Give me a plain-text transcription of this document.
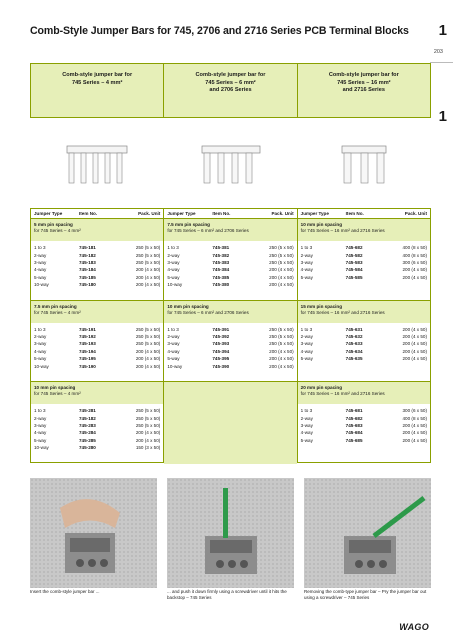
Comb-Style Jumper Bars for 745, 2706 and 2716 Series PCB Terminal Blocks 1
203
1
Comb-style jumper bar for
745 Series – 4 mm²
Comb-style jumper bar for
745 Series – 6 mm²
and 2706 Series
Comb-style jumper bar for
745 Series – 16 mm²
and 2716 Series
Jumper Type	Item No.	Pack. Unit
5 mm pin spacing
for 745 Series – 4 mm²
1 to 3	745-181	250 (5 x 50)
2-way	745-182	250 (5 x 50)
3-way	745-183	250 (5 x 50)
4-way	745-184	200 (4 x 50)
5-way	745-185	200 (4 x 50)
10-way	745-180	200 (4 x 50)
7.5 mm pin spacing
for 745 Series – 4 mm²
1 to 3	745-191	250 (5 x 50)
2-way	745-192	250 (5 x 50)
3-way	745-193	250 (5 x 50)
4-way	745-194	200 (4 x 50)
5-way	745-195	200 (4 x 50)
10-way	745-190	200 (4 x 50)
10 mm pin spacing
for 745 Series – 4 mm²
1 to 3	745-281	250 (5 x 50)
2-way	745-182	250 (5 x 50)
3-way	745-283	250 (5 x 50)
4-way	745-284	200 (4 x 50)
5-way	745-285	200 (4 x 50)
10-way	745-280	150 (3 x 50)
Jumper Type	Item No.	Pack. Unit
7.5 mm pin spacing
for 745 Series – 6 mm² and 2706 Series
1 to 3	745-381	250 (5 x 50)
2-way	745-382	250 (5 x 50)
3-way	745-383	250 (5 x 50)
4-way	745-384	200 (4 x 50)
5-way	745-385	200 (4 x 50)
10-way	745-380	200 (4 x 50)
10 mm pin spacing
for 745 Series – 6 mm² and 2706 Series
1 to 3	745-391	250 (5 x 50)
2-way	745-392	250 (5 x 50)
3-way	745-393	250 (5 x 50)
4-way	745-394	200 (4 x 50)
5-way	745-395	200 (4 x 50)
10-way	745-390	200 (4 x 50)
Jumper Type	Item No.	Pack. Unit
10 mm pin spacing
for 745 Series – 16 mm² and 2716 Series
1 to 3	745-682	400 (8 x 50)
2-way	745-582	400 (8 x 50)
3-way	745-583	300 (6 x 50)
4-way	745-584	200 (4 x 50)
5-way	745-585	200 (4 x 50)
15 mm pin spacing
for 745 Series – 16 mm² and 2716 Series
1 to 3	745-631	200 (4 x 50)
2-way	745-632	200 (4 x 50)
3-way	745-633	200 (4 x 50)
4-way	745-634	200 (4 x 50)
5-way	745-635	200 (4 x 50)
20 mm pin spacing
for 745 Series – 16 mm² and 2716 Series
1 to 3	745-681	300 (6 x 50)
2-way	745-682	400 (8 x 50)
3-way	745-683	200 (4 x 50)
4-way	745-684	200 (4 x 50)
5-way	745-685	200 (4 x 50)
Insert the comb-style jumper bar ...	... and push it down firmly using a screwdriver until it hits the backstop – 745 Series
Removing the comb-type jumper bar – Pry the jumper bar out using a screwdriver – 745 Series
WAGO
